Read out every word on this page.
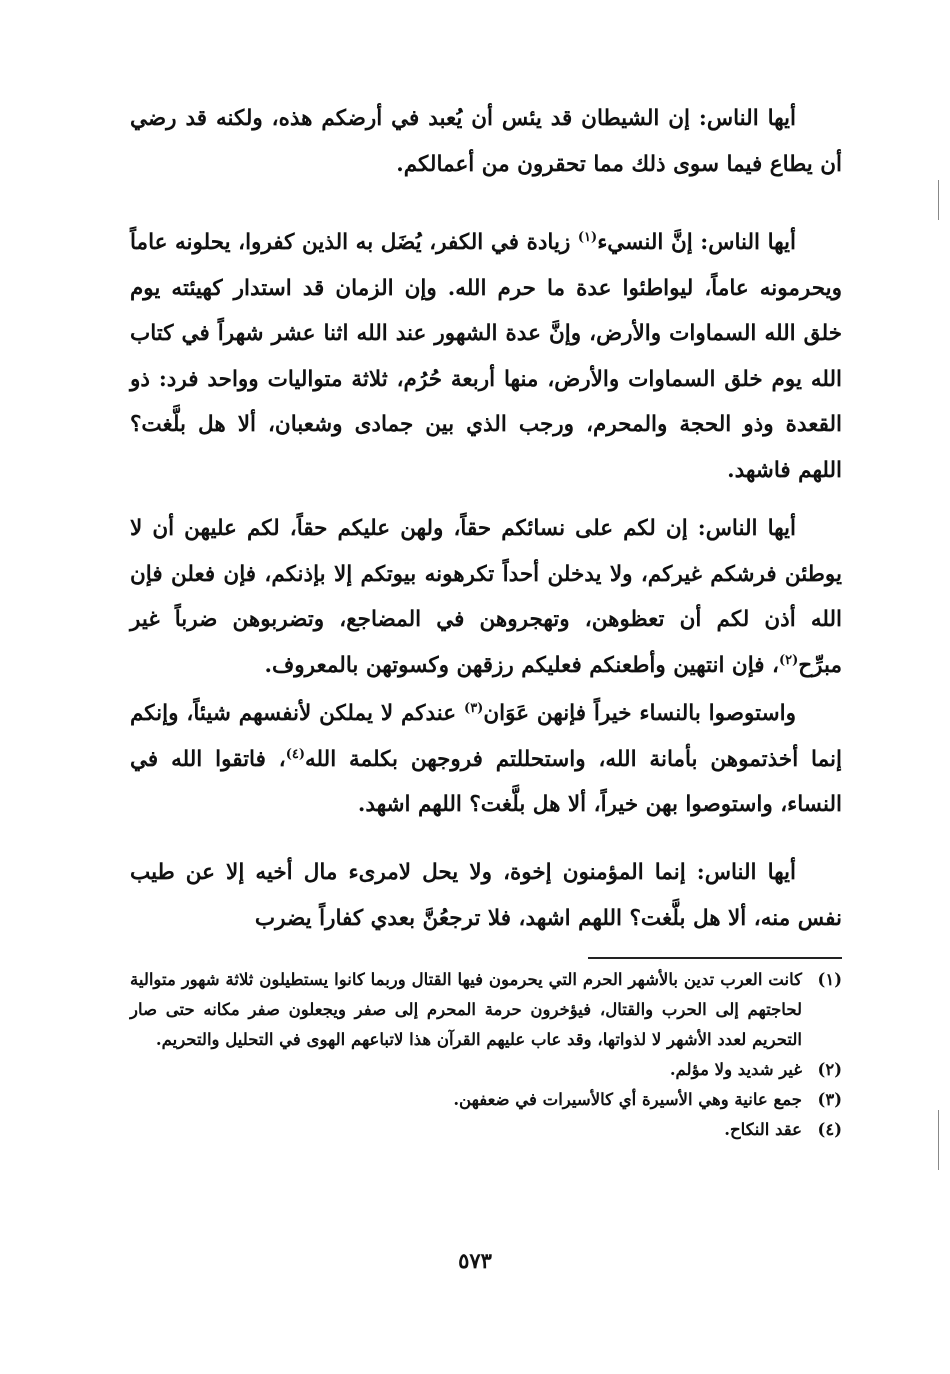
أيها الناس: إن الشيطان قد يئس أن يُعبد في أرضكم هذه، ولكنه قد رضي أن يطاع فيما سوى ذلك مما تحقرون من أعمالكم.

أيها الناس: إنَّ النسيء$^{(١)}$ زيادة في الكفر، يُضَل به الذين كفروا، يحلونه عاماً ويحرمونه عاماً، ليواطئوا عدة ما حرم الله. وإن الزمان قد استدار كهيئته يوم خلق الله السماوات والأرض، وإنَّ عدة الشهور عند الله اثنا عشر شهراً في كتاب الله يوم خلق السماوات والأرض، منها أربعة حُرُم، ثلاثة متواليات وواحد فرد: ذو القعدة وذو الحجة والمحرم، ورجب الذي بين جمادى وشعبان، ألا هل بلَّغت؟ اللهم فاشهد.

أيها الناس: إن لكم على نسائكم حقاً، ولهن عليكم حقاً، لكم عليهن أن لا يوطئن فرشكم غيركم، ولا يدخلن أحداً تكرهونه بيوتكم إلا بإذنكم، فإن فعلن فإن الله أذن لكم أن تعظوهن، وتهجروهن في المضاجع، وتضربوهن ضرباً غير مبرِّح$^{(٢)}$، فإن انتهين وأطعنكم فعليكم رزقهن وكسوتهن بالمعروف.

واستوصوا بالنساء خيراً فإنهن عَوَان$^{(٣)}$ عندكم لا يملكن لأنفسهم شيئاً، وإنكم إنما أخذتموهن بأمانة الله، واستحللتم فروجهن بكلمة الله$^{(٤)}$، فاتقوا الله في النساء، واستوصوا بهن خيراً، ألا هل بلَّغت؟ اللهم اشهد.

أيها الناس: إنما المؤمنون إخوة، ولا يحل لامرىء مال أخيه إلا عن طيب نفس منه، ألا هل بلَّغت؟ اللهم اشهد، فلا ترجعُنَّ بعدي كفاراً يضرب

(١)
كانت العرب تدين بالأشهر الحرم التي يحرمون فيها القتال وربما كانوا يستطيلون ثلاثة شهور متوالية لحاجتهم إلى الحرب والقتال، فيؤخرون حرمة المحرم إلى صفر ويجعلون صفر مكانه حتى صار التحريم لعدد الأشهر لا لذواتها، وقد عاب عليهم القرآن هذا لاتباعهم الهوى في التحليل والتحريم.
(٢)
غير شديد ولا مؤلم.
(٣)
جمع عانية وهي الأسيرة أي كالأسيرات في ضعفهن.
(٤)
عقد النكاح.
٥٧٣
